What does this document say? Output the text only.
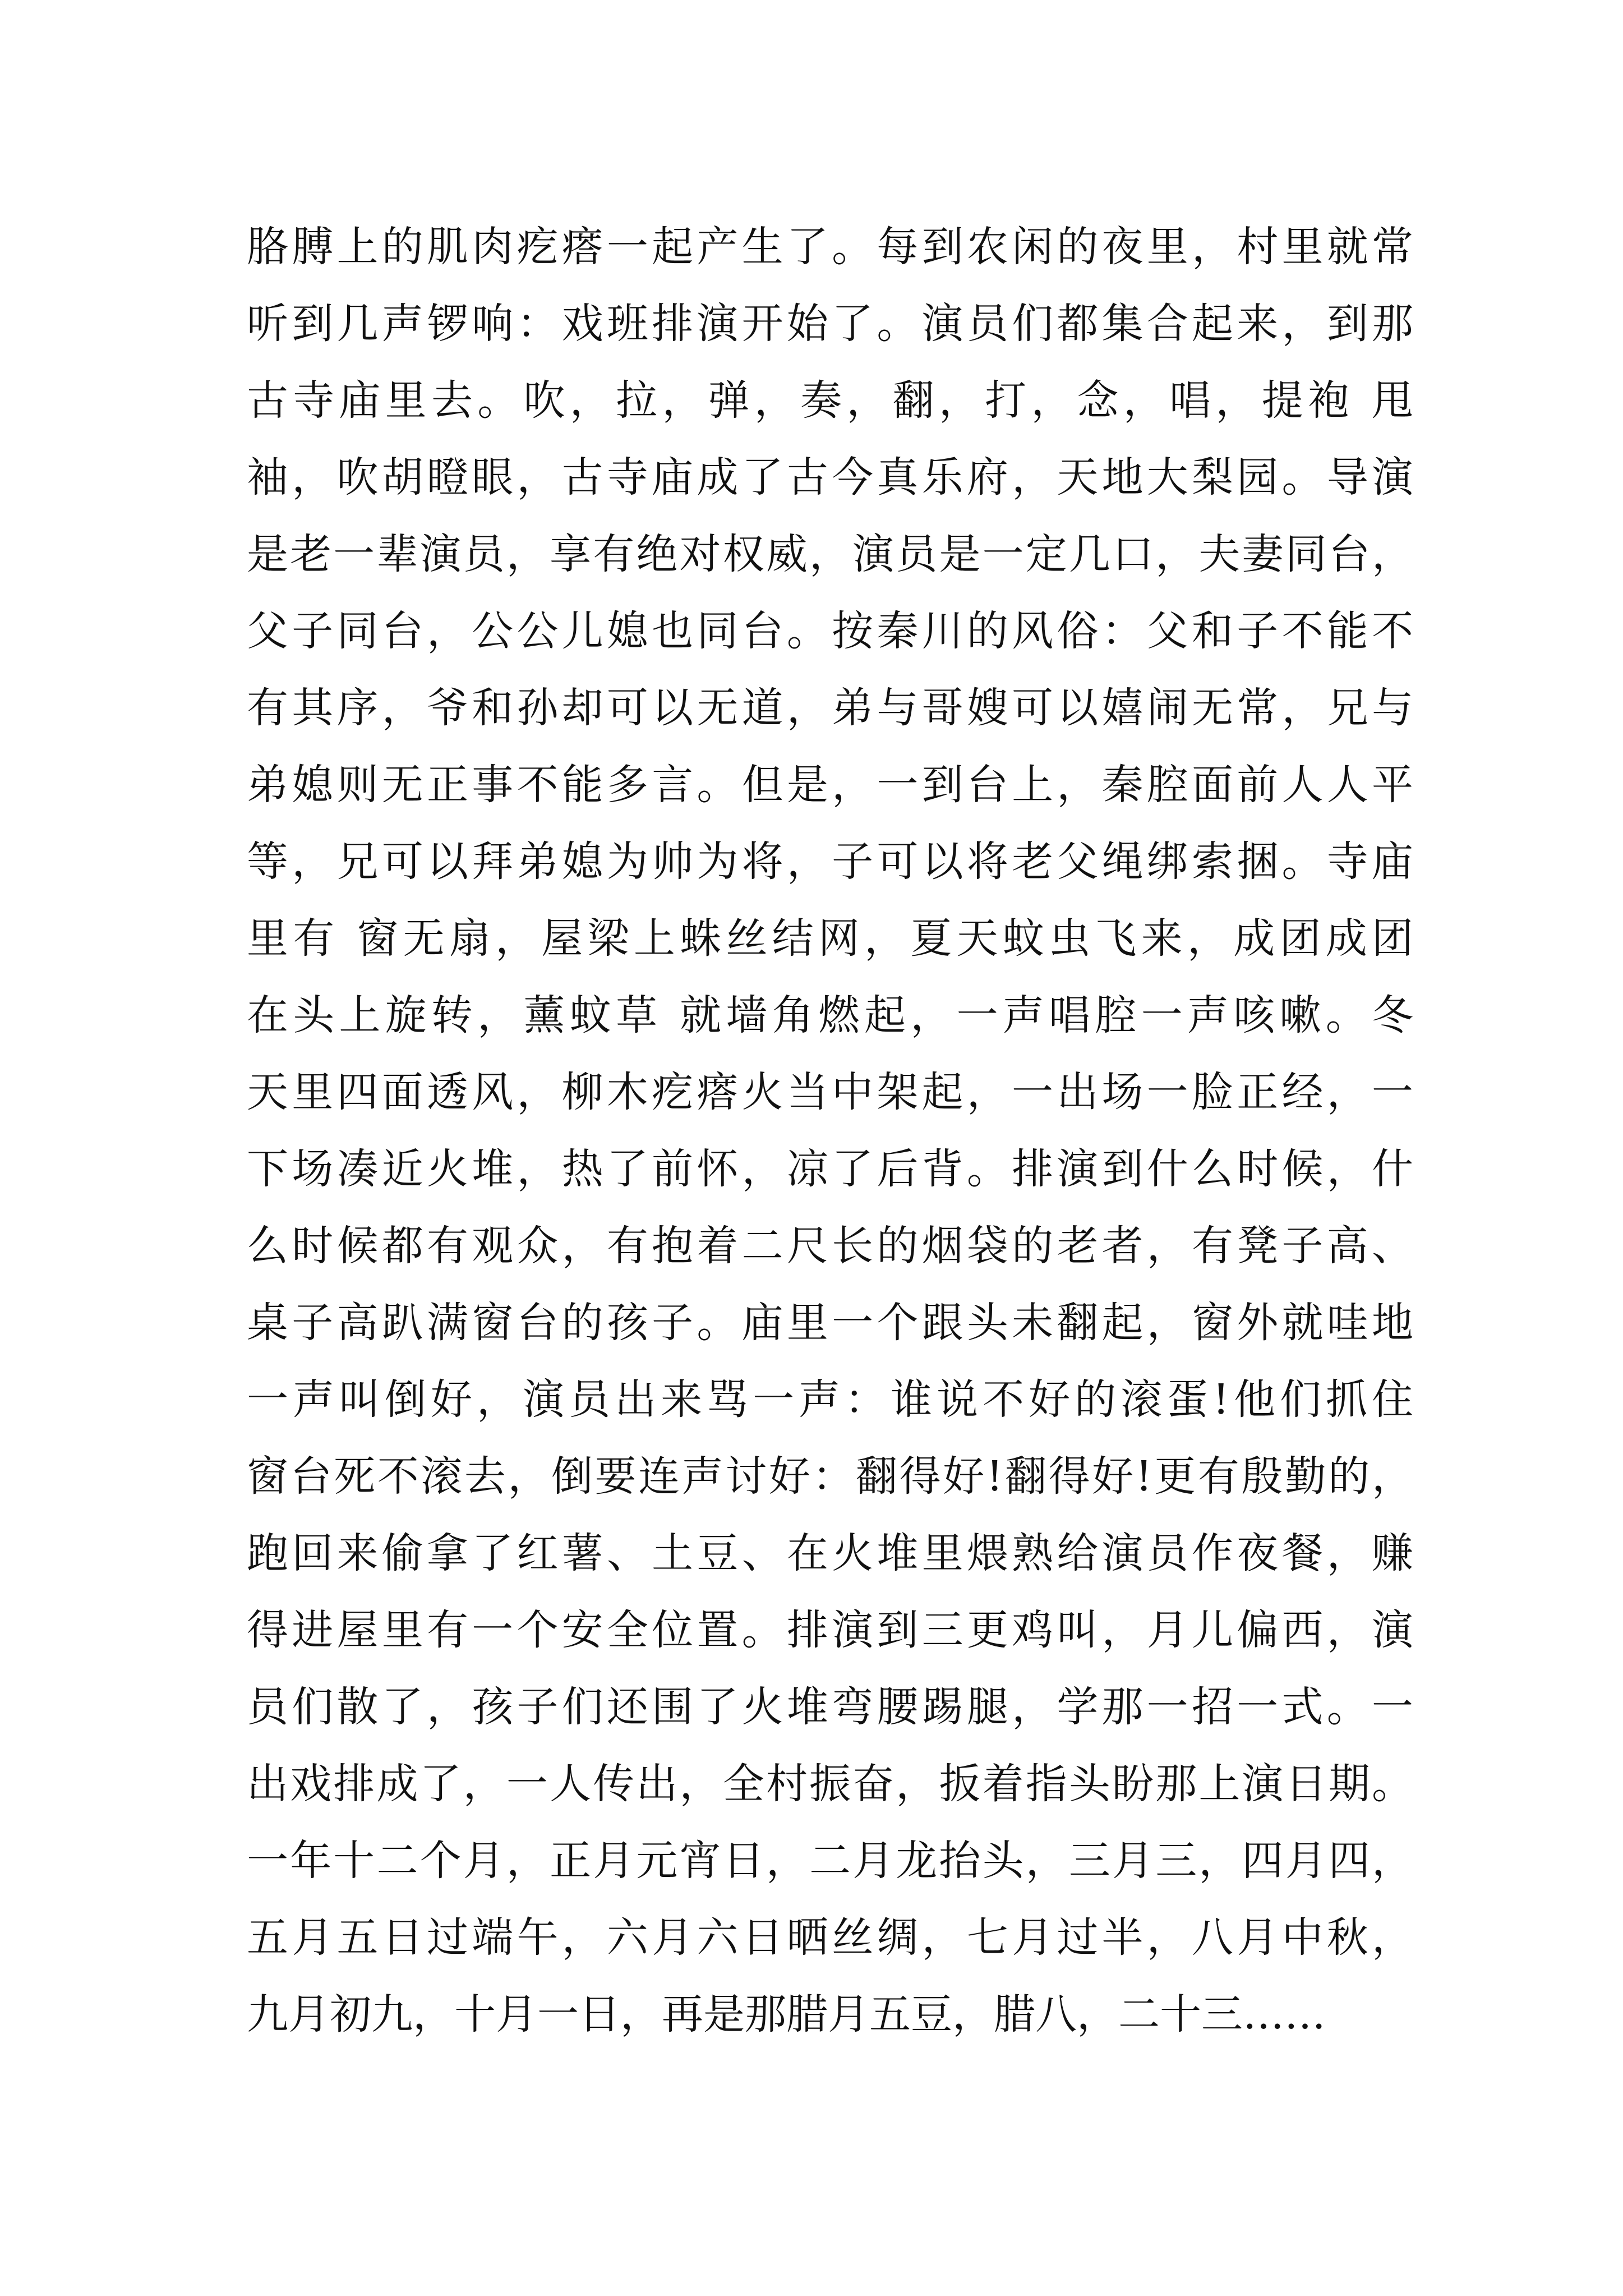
胳膊上的肌肉疙瘩一起产生了。每到农闲的夜里，村里就常
听到几声锣响：戏班排演开始了。演员们都集合起来，到那
古寺庙里去。吹，拉，弹，奏，翻，打，念，唱，提袍 甩
袖，吹胡瞪眼，古寺庙成了古今真乐府，天地大梨园。导演
是老一辈演员，享有绝对权威，演员是一定几口，夫妻同台，
父子同台，公公儿媳也同台。按秦川的风俗：父和子不能不
有其序，爷和孙却可以无道，弟与哥嫂可以嬉闹无常，兄与
弟媳则无正事不能多言。但是，一到台上，秦腔面前人人平
等，兄可以拜弟媳为帅为将，子可以将老父绳绑索捆。寺庙
里有 窗无扇，屋梁上蛛丝结网，夏天蚊虫飞来，成团成团
在头上旋转，薰蚊草 就墙角燃起，一声唱腔一声咳嗽。冬
天里四面透风，柳木疙瘩火当中架起，一出场一脸正经，一
下场凑近火堆，热了前怀，凉了后背。排演到什么时候，什
么时候都有观众，有抱着二尺长的烟袋的老者，有凳子高、
桌子高趴满窗台的孩子。庙里一个跟头未翻起，窗外就哇地
一声叫倒好，演员出来骂一声：谁说不好的滚蛋!他们抓住
窗台死不滚去，倒要连声讨好：翻得好!翻得好!更有殷勤的，
跑回来偷拿了红薯、土豆、在火堆里煨熟给演员作夜餐，赚
得进屋里有一个安全位置。排演到三更鸡叫，月儿偏西，演
员们散了，孩子们还围了火堆弯腰踢腿，学那一招一式。一
出戏排成了，一人传出，全村振奋，扳着指头盼那上演日期。
一年十二个月，正月元宵日，二月龙抬头，三月三，四月四，
五月五日过端午，六月六日晒丝绸，七月过半，八月中秋，
九月初九，十月一日，再是那腊月五豆，腊八，二十三……
